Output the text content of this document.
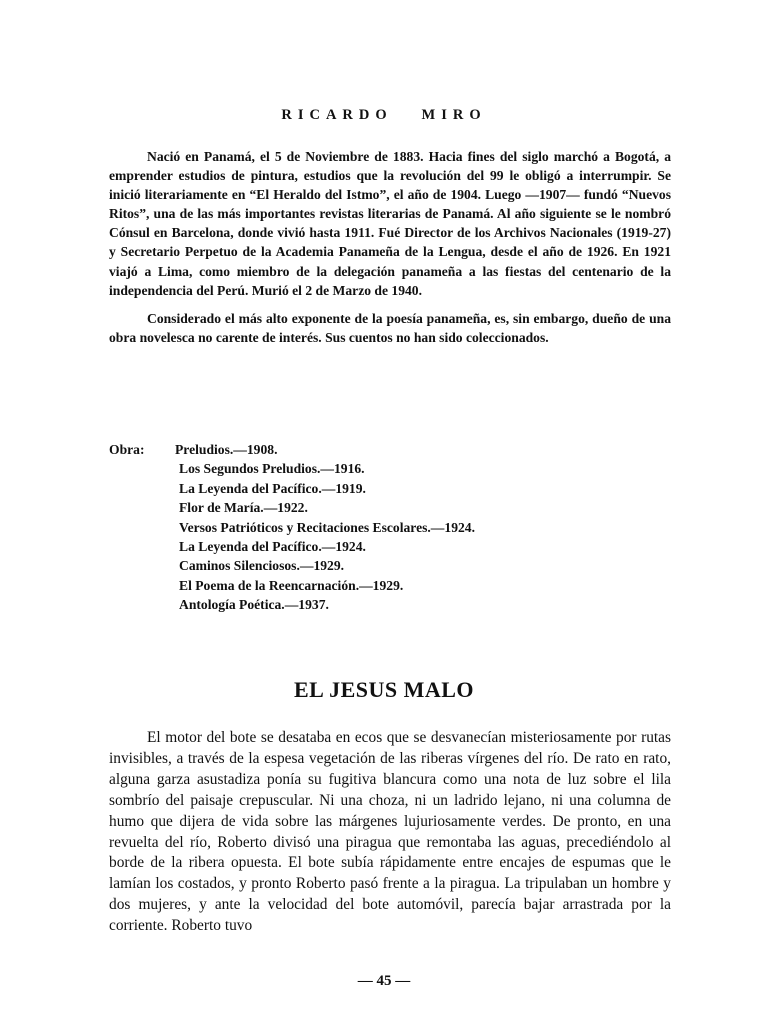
RICARDO   MIRO

Nació en Panamá, el 5 de Noviembre de 1883. Hacia fines del siglo marchó a Bogotá, a emprender estudios de pintura, estudios que la revolución del 99 le obligó a interrumpir. Se inició literariamente en “El Heraldo del Istmo”, el año de 1904. Luego —1907— fundó “Nuevos Ritos”, una de las más importantes revistas literarias de Panamá. Al año siguiente se le nombró Cónsul en Barcelona, donde vivió hasta 1911. Fué Director de los Archivos Nacionales (1919-27) y Secretario Perpetuo de la Academia Panameña de la Lengua, desde el año de 1926. En 1921 viajó a Lima, como miembro de la delegación panameña a las fiestas del centenario de la independencia del Perú. Murió el 2 de Marzo de 1940.

Considerado el más alto exponente de la poesía panameña, es, sin embargo, dueño de una obra novelesca no carente de interés. Sus cuentos no han sido coleccionados.

Obra: Preludios.—1908.
Los Segundos Preludios.—1916.
La Leyenda del Pacífico.—1919.
Flor de María.—1922.
Versos Patrióticos y Recitaciones Escolares.—1924.
La Leyenda del Pacífico.—1924.
Caminos Silenciosos.—1929.
El Poema de la Reencarnación.—1929.
Antología Poética.—1937.
EL JESUS MALO

El motor del bote se desataba en ecos que se desvanecían misteriosamente por rutas invisibles, a través de la espesa vegetación de las riberas vírgenes del río. De rato en rato, alguna garza asustadiza ponía su fugitiva blancura como una nota de luz sobre el lila sombrío del paisaje crepuscular. Ni una choza, ni un ladrido lejano, ni una columna de humo que dijera de vida sobre las márgenes lujuriosamente verdes. De pronto, en una revuelta del río, Roberto divisó una piragua que remontaba las aguas, precediéndolo al borde de la ribera opuesta. El bote subía rápidamente entre encajes de espumas que le lamían los costados, y pronto Roberto pasó frente a la piragua. La tripulaban un hombre y dos mujeres, y ante la velocidad del bote automóvil, parecía bajar arrastrada por la corriente. Roberto tuvo

— 45 —
